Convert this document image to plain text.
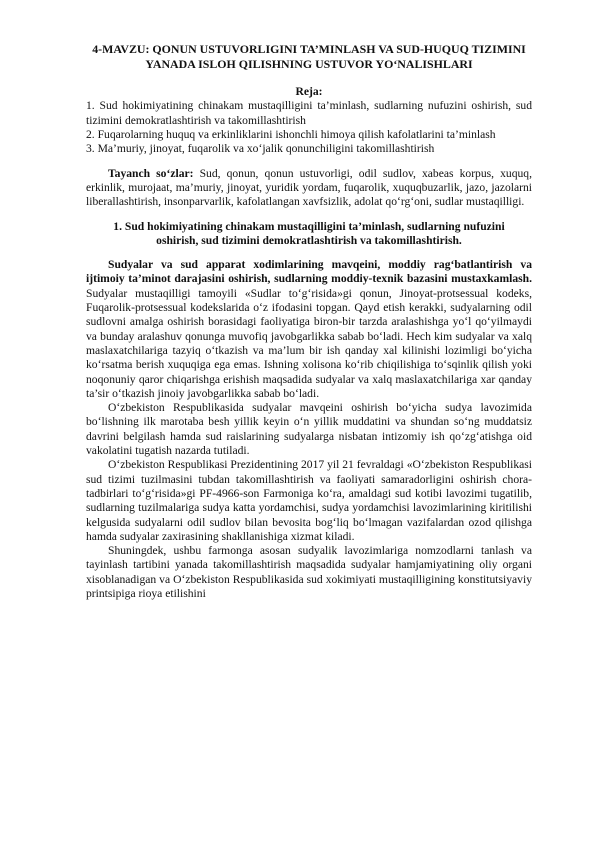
4-MAVZU: QONUN USTUVORLIGINI TA’MINLASH VA SUD-HUQUQ TIZIMINI YANADA ISLOH QILISHNING USTUVOR YO‘NALISHLARI
Reja:

1. Sud hokimiyatining chinakam mustaqilligini ta’minlash, sudlarning nufuzini oshirish, sud tizimini demokratlashtirish va takomillashtirish

2. Fuqarolarning huquq va erkinliklarini ishonchli himoya qilish kafolatlarini ta’minlash

3. Ma’muriy, jinoyat, fuqarolik va xo‘jalik qonunchiligini takomillashtirish

Tayanch so‘zlar: Sud, qonun, qonun ustuvorligi, odil sudlov, xabeas korpus, xuquq, erkinlik, murojaat, ma’muriy, jinoyat, yuridik yordam, fuqarolik, xuquqbuzarlik, jazo, jazolarni liberallashtirish, insonparvarlik, kafolatlangan xavfsizlik, adolat qo‘rg‘oni, sudlar mustaqilligi.

1. Sud hokimiyatining chinakam mustaqilligini ta’minlash, sudlarning nufuzini oshirish, sud tizimini demokratlashtirish va takomillashtirish.

Sudyalar va sud apparat xodimlarining mavqeini, moddiy rag‘batlantirish va ijtimoiy ta’minot darajasini oshirish, sudlarning moddiy-texnik bazasini mustaxkamlash. Sudyalar mustaqilligi tamoyili «Sudlar to‘g‘risida»gi qonun, Jinoyat-protsessual kodeks, Fuqarolik-protsessual kodekslarida o‘z ifodasini topgan. Qayd etish kerakki, sudyalarning odil sudlovni amalga oshirish borasidagi faoliyatiga biron-bir tarzda aralashishga yo‘l qo‘yilmaydi va bunday aralashuv qonunga muvofiq javobgarlikka sabab bo‘ladi. Hech kim sudyalar va xalq maslaxatchilariga tazyiq o‘tkazish va ma’lum bir ish qanday xal kilinishi lozimligi bo‘yicha ko‘rsatma berish xuquqiga ega emas. Ishning xolisona ko‘rib chiqilishiga to‘sqinlik qilish yoki noqonuniy qaror chiqarishga erishish maqsadida sudyalar va xalq maslaxatchilariga xar qanday ta’sir o‘tkazish jinoiy javobgarlikka sabab bo‘ladi.

O‘zbekiston Respublikasida sudyalar mavqeini oshirish bo‘yicha sudya lavozimida bo‘lishning ilk marotaba besh yillik keyin o‘n yillik muddatini va shundan so‘ng muddatsiz davrini belgilash hamda sud raislarining sudyalarga nisbatan intizomiy ish qo‘zg‘atishga oid vakolatini tugatish nazarda tutiladi.

O‘zbekiston Respublikasi Prezidentining 2017 yil 21 fevraldagi «O‘zbekiston Respublikasi sud tizimi tuzilmasini tubdan takomillashtirish va faoliyati samaradorligini oshirish chora-tadbirlari to‘g‘risida»gi PF-4966-son Farmoniga ko‘ra, amaldagi sud kotibi lavozimi tugatilib, sudlarning tuzilmalariga sudya katta yordamchisi, sudya yordamchisi lavozimlarining kiritilishi kelgusida sudyalarni odil sudlov bilan bevosita bog‘liq bo‘lmagan vazifalardan ozod qilishga hamda sudyalar zaxirasining shakllanishiga xizmat kiladi.

Shuningdek, ushbu farmonga asosan sudyalik lavozimlariga nomzodlarni tanlash va tayinlash tartibini yanada takomillashtirish maqsadida sudyalar hamjamiyatining oliy organi xisoblanadigan va O‘zbekiston Respublikasida sud xokimiyati mustaqilligining konstitutsiyaviy printsipiga rioya etilishini
